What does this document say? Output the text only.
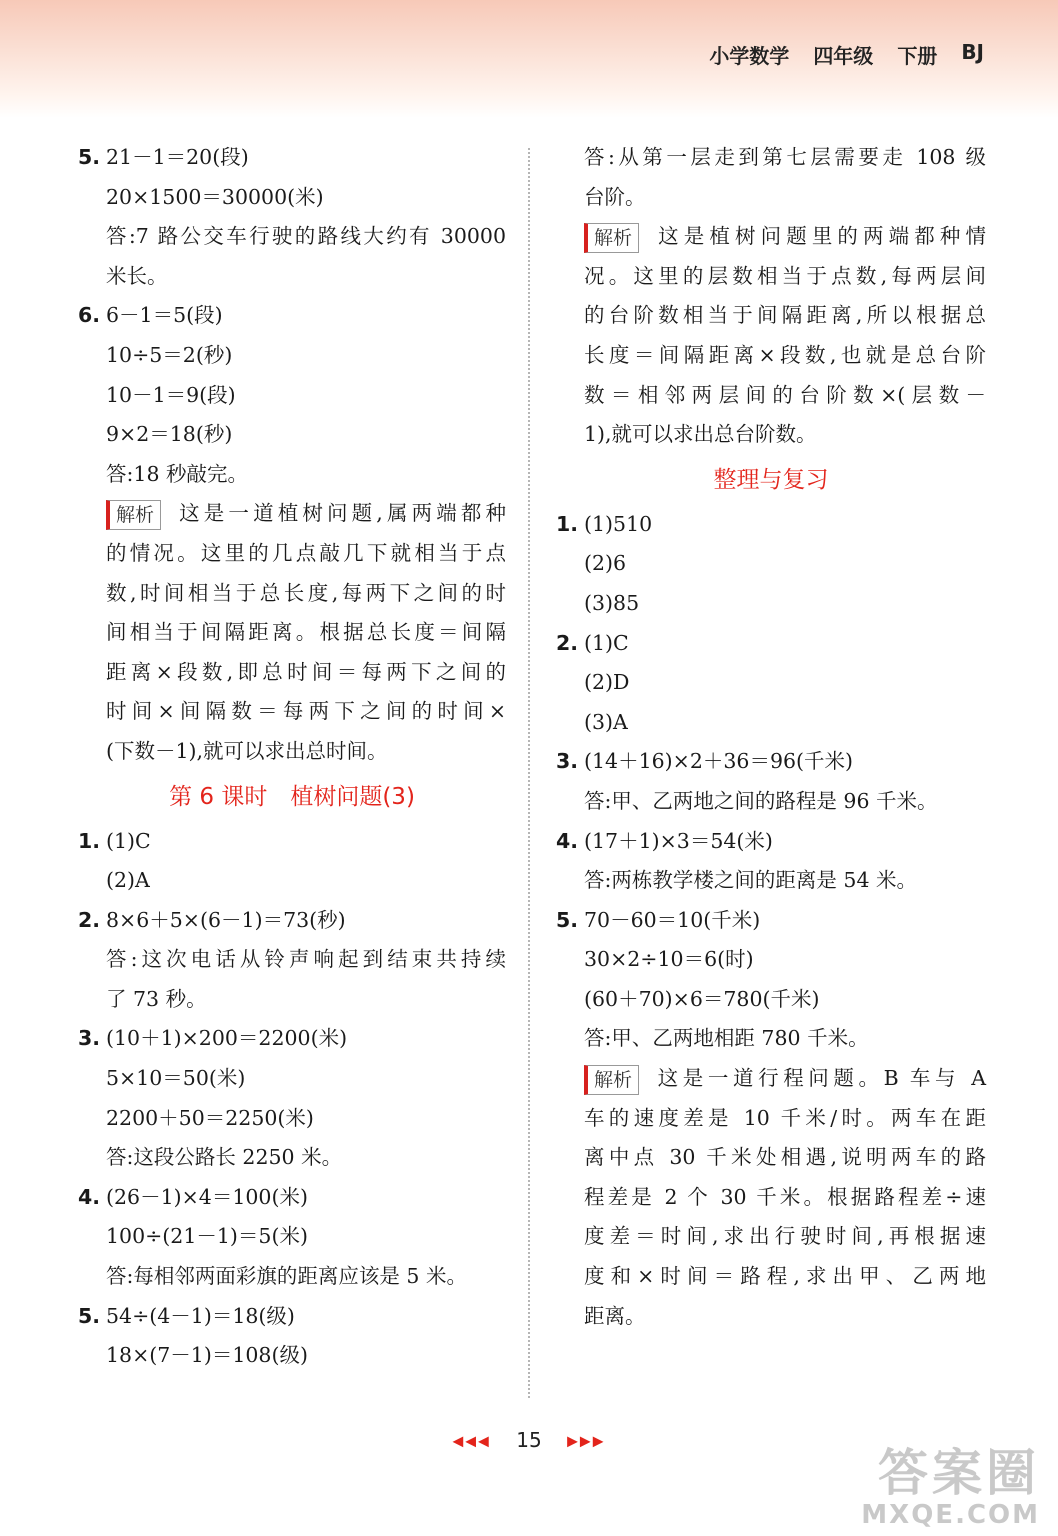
小学数学 四年级 下册 BJ
5. 21－1＝20(段)
20×1500＝30000(米)
答:7 路公交车行驶的路线大约有 30000
米长。
6. 6－1＝5(段)
10÷5＝2(秒)
10－1＝9(段)
9×2＝18(秒)
答:18 秒敲完。
解析 这是一道植树问题,属两端都种
的情况。这里的几点敲几下就相当于点
数,时间相当于总长度,每两下之间的时
间相当于间隔距离。根据总长度＝间隔
距离×段数,即总时间＝每两下之间的
时间×间隔数＝每两下之间的时间×
(下数－1),就可以求出总时间。
第 6 课时　植树问题(3)
1. (1)C
(2)A
2. 8×6＋5×(6－1)＝73(秒)
答:这次电话从铃声响起到结束共持续
了 73 秒。
3. (10＋1)×200＝2200(米)
5×10＝50(米)
2200＋50＝2250(米)
答:这段公路长 2250 米。
4. (26－1)×4＝100(米)
100÷(21－1)＝5(米)
答:每相邻两面彩旗的距离应该是 5 米。
5. 54÷(4－1)＝18(级)
18×(7－1)＝108(级)
答:从第一层走到第七层需要走 108 级
台阶。
解析 这是植树问题里的两端都种情
况。这里的层数相当于点数,每两层间
的台阶数相当于间隔距离,所以根据总
长度＝间隔距离×段数,也就是总台阶
数＝相邻两层间的台阶数×(层数－
1),就可以求出总台阶数。
整理与复习
1. (1)510
(2)6
(3)85
2. (1)C
(2)D
(3)A
3. (14＋16)×2＋36＝96(千米)
答:甲、乙两地之间的路程是 96 千米。
4. (17＋1)×3＝54(米)
答:两栋教学楼之间的距离是 54 米。
5. 70－60＝10(千米)
30×2÷10＝6(时)
(60＋70)×6＝780(千米)
答:甲、乙两地相距 780 千米。
解析 这是一道行程问题。B 车与 A
车的速度差是 10 千米/时。两车在距
离中点 30 千米处相遇,说明两车的路
程差是 2 个 30 千米。根据路程差÷速
度差＝时间,求出行驶时间,再根据速
度和×时间＝路程,求出甲、乙两地
距离。
◀◀◀ 15 ▶▶▶
答案圈
MXQE.COM
